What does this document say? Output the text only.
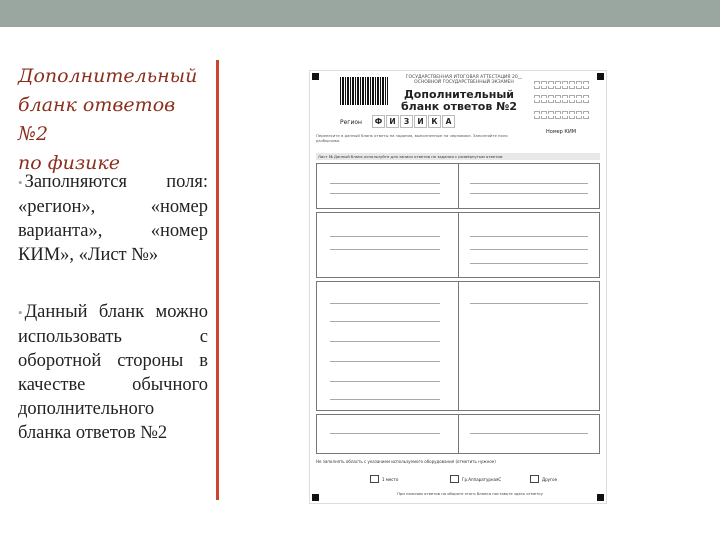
Дополнительный
бланк ответов №2
по физике
• Заполняются поля: «регион», «номер варианта», «номер КИМ», «Лист №»
• Данный бланк можно использовать с оборотной стороны в качестве обычного дополнительного бланка ответов №2
ГОСУДАРСТВЕННАЯ ИТОГОВАЯ АТТЕСТАЦИЯ 20__ ОСНОВНОЙ ГОСУДАРСТВЕННЫЙ ЭКЗАМЕН
Дополнительный бланк ответов №2
Регион	Ф И	З	И	К	А
Номер КИМ
Перенесите в данный бланк ответы на задания, выполненные на черновике. Заполняйте поля разборчиво.
Лист № Данный бланк используйте для записи ответов на задания с развёрнутым ответом
Не заполнять область с указанием используемого оборудования (отметить нужное)
1 место	Гр.АппаратурнаяС	Другое
При наличии ответов на обороте этого бланка поставьте здесь отметку
